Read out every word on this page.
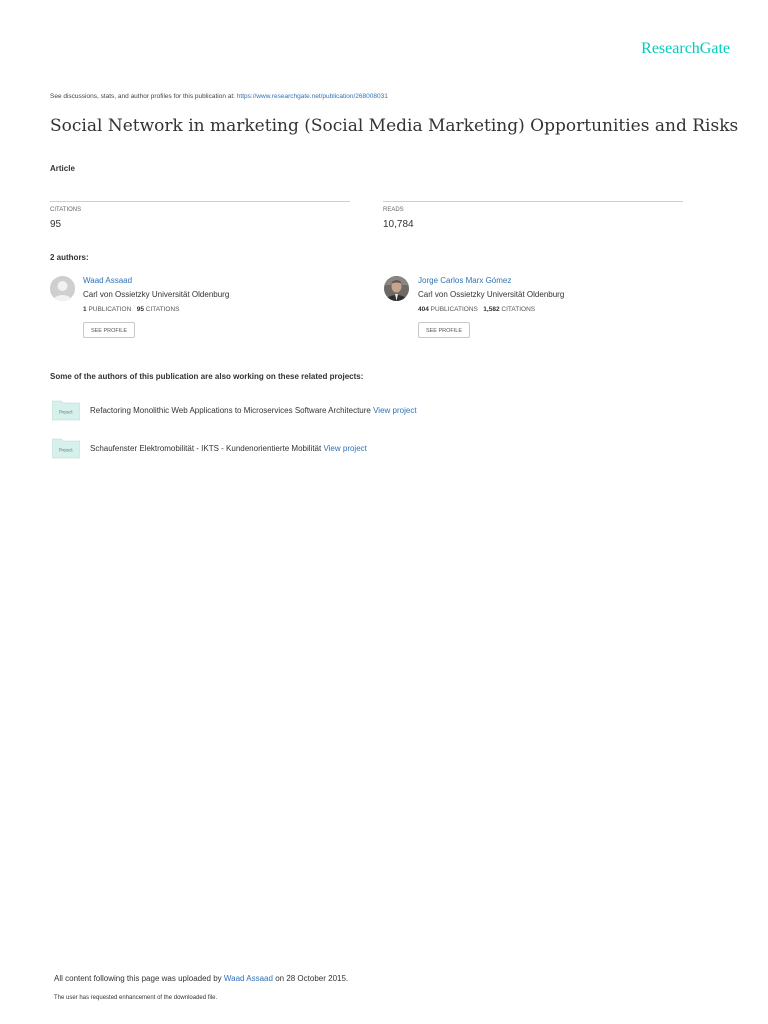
ResearchGate
See discussions, stats, and author profiles for this publication at: https://www.researchgate.net/publication/268008031
Social Network in marketing (Social Media Marketing) Opportunities and Risks
Article
CITATIONS
95
READS
10,784
2 authors:
Waad Assaad
Carl von Ossietzky Universität Oldenburg
1 PUBLICATION 95 CITATIONS
SEE PROFILE
Jorge Carlos Marx Gómez
Carl von Ossietzky Universität Oldenburg
404 PUBLICATIONS 1,582 CITATIONS
SEE PROFILE
Some of the authors of this publication are also working on these related projects:
Project Refactoring Monolithic Web Applications to Microservices Software Architecture View project
Project Schaufenster Elektromobilität - IKTS - Kundenorientierte Mobilität View project
All content following this page was uploaded by Waad Assaad on 28 October 2015.
The user has requested enhancement of the downloaded file.
